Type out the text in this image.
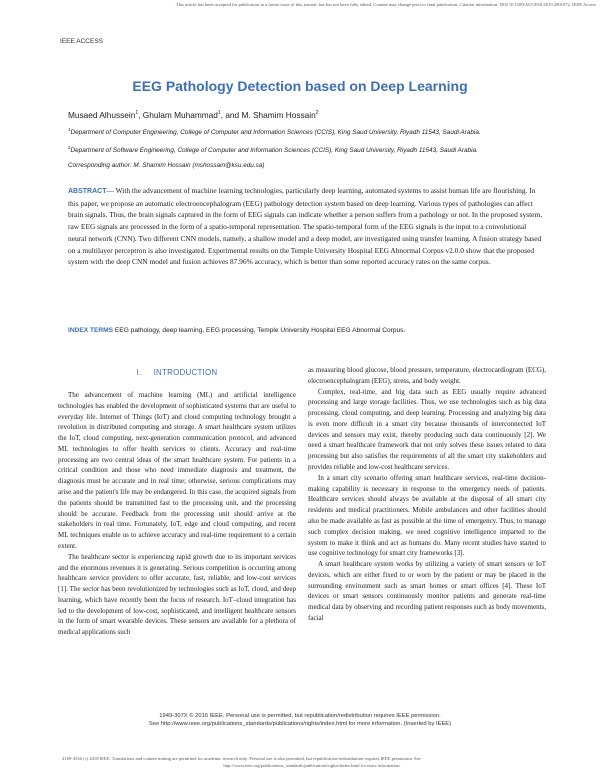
This article has been accepted for publication in a future issue of this journal, but has not been fully edited. Content may change prior to final publication. Citation information: DOI 10.1109/ACCESS.2019.2901672, IEEE Access
IEEE ACCESS
EEG Pathology Detection based on Deep Learning
Musaed Alhussein$^1$, Ghulam Muhammad$^1$, and M. Shamim Hossain$^2$
$^1$Department of Computer Engineering, College of Computer and Information Sciences (CCIS), King Saud University, Riyadh 11543, Saudi Arabia.
$^2$Department of Software Engineering, College of Computer and Information Sciences (CCIS), King Saud University, Riyadh 11543, Saudi Arabia.
Corresponding author: M. Shamim Hossain (mshossain@ksu.edu.sa)
ABSTRACT— With the advancement of machine learning technologies, particularly deep learning, automated systems to assist human life are flourishing. In this paper, we propose an automatic electroencephalogram (EEG) pathology detection system based on deep learning. Various types of pathologies can affect brain signals. Thus, the brain signals captured in the form of EEG signals can indicate whether a person suffers from a pathology or not. In the proposed system, raw EEG signals are processed in the form of a spatio-temporal representation. The spatio-temporal form of the EEG signals is the input to a convolutional neural network (CNN). Two different CNN models, namely, a shallow model and a deep model, are investigated using transfer learning. A fusion strategy based on a multilayer perceptron is also investigated. Experimental results on the Temple University Hospital EEG Abnormal Corpus v2.0.0 show that the proposed system with the deep CNN model and fusion achieves 87.96% accuracy, which is better than some reported accuracy rates on the same corpus.
INDEX TERMS EEG pathology, deep learning, EEG processing, Temple University Hospital EEG Abnormal Corpus.
I. INTRODUCTION

The advancement of machine learning (ML) and artificial intelligence technologies has enabled the development of sophisticated systems that are useful to everyday life. Internet of Things (IoT) and cloud computing technology brought a revolution in distributed computing and storage. A smart healthcare system utilizes the IoT, cloud computing, next-generation communication protocol, and advanced ML technologies to offer health services to clients. Accuracy and real-time processing are two central ideas of the smart healthcare system. For patients in a critical condition and those who need immediate diagnosis and treatment, the diagnosis must be accurate and in real time; otherwise, serious complications may arise and the patient's life may be endangered. In this case, the acquired signals from the patients should be transmitted fast to the processing unit, and the processing should be accurate. Feedback from the processing unit should arrive at the stakeholders in real time. Fortunately, IoT, edge and cloud computing, and recent ML techniques enable us to achieve accuracy and real-time requirement to a certain extent.

The healthcare sector is experiencing rapid growth due to its important services and the enormous revenues it is generating. Serious competition is occurring among healthcare service providers to offer accurate, fast, reliable, and low-cost services [1]. The sector has been revolutionized by technologies such as IoT, cloud, and deep learning, which have recently been the focus of research. IoT–cloud integration has led to the development of low-cost, sophisticated, and intelligent healthcare sensors in the form of smart wearable devices. These sensors are available for a plethora of medical applications such

as measuring blood glucose, blood pressure, temperature, electrocardiogram (ECG), electroencephalogram (EEG), stress, and body weight.

Complex, real-time, and big data such as EEG usually require advanced processing and large storage facilities. Thus, we use technologies such as big data processing, cloud computing, and deep learning. Processing and analyzing big data is even more difficult in a smart city because thousands of interconnected IoT devices and sensors may exist, thereby producing such data continuously [2]. We need a smart healthcare framework that not only solves these issues related to data processing but also satisfies the requirements of all the smart city stakeholders and provides reliable and low-cost healthcare services.

In a smart city scenario offering smart healthcare services, real-time decision-making capability is necessary in response to the emergency needs of patients. Healthcare services should always be available at the disposal of all smart city residents and medical practitioners. Mobile ambulances and other facilities should also be made available as fast as possible at the time of emergency. Thus, to manage such complex decision making, we need cognitive intelligence imparted to the system to make it think and act as humans do. Many recent studies have started to use cognitive technology for smart city frameworks [3].

A smart healthcare system works by utilizing a variety of smart sensors or IoT devices, which are either fixed to or worn by the patient or may be placed in the surrounding environment such as smart homes or smart offices [4]. These IoT devices or smart sensors continuously monitor patients and generate real-time medical data by observing and recording patient responses such as body movements, facial

1949-307X © 2016 IEEE. Personal use is permitted, but republication/redistribution requires IEEE permission.
See http://www.ieee.org/publications_standards/publications/rights/index.html for more information. (Inserted by IEEE)
2169-3536 (c) 2018 IEEE. Translations and content mining are permitted for academic research only. Personal use is also permitted, but republication/redistribution requires IEEE permission. See
http://www.ieee.org/publications_standards/publications/rights/index.html for more information.
